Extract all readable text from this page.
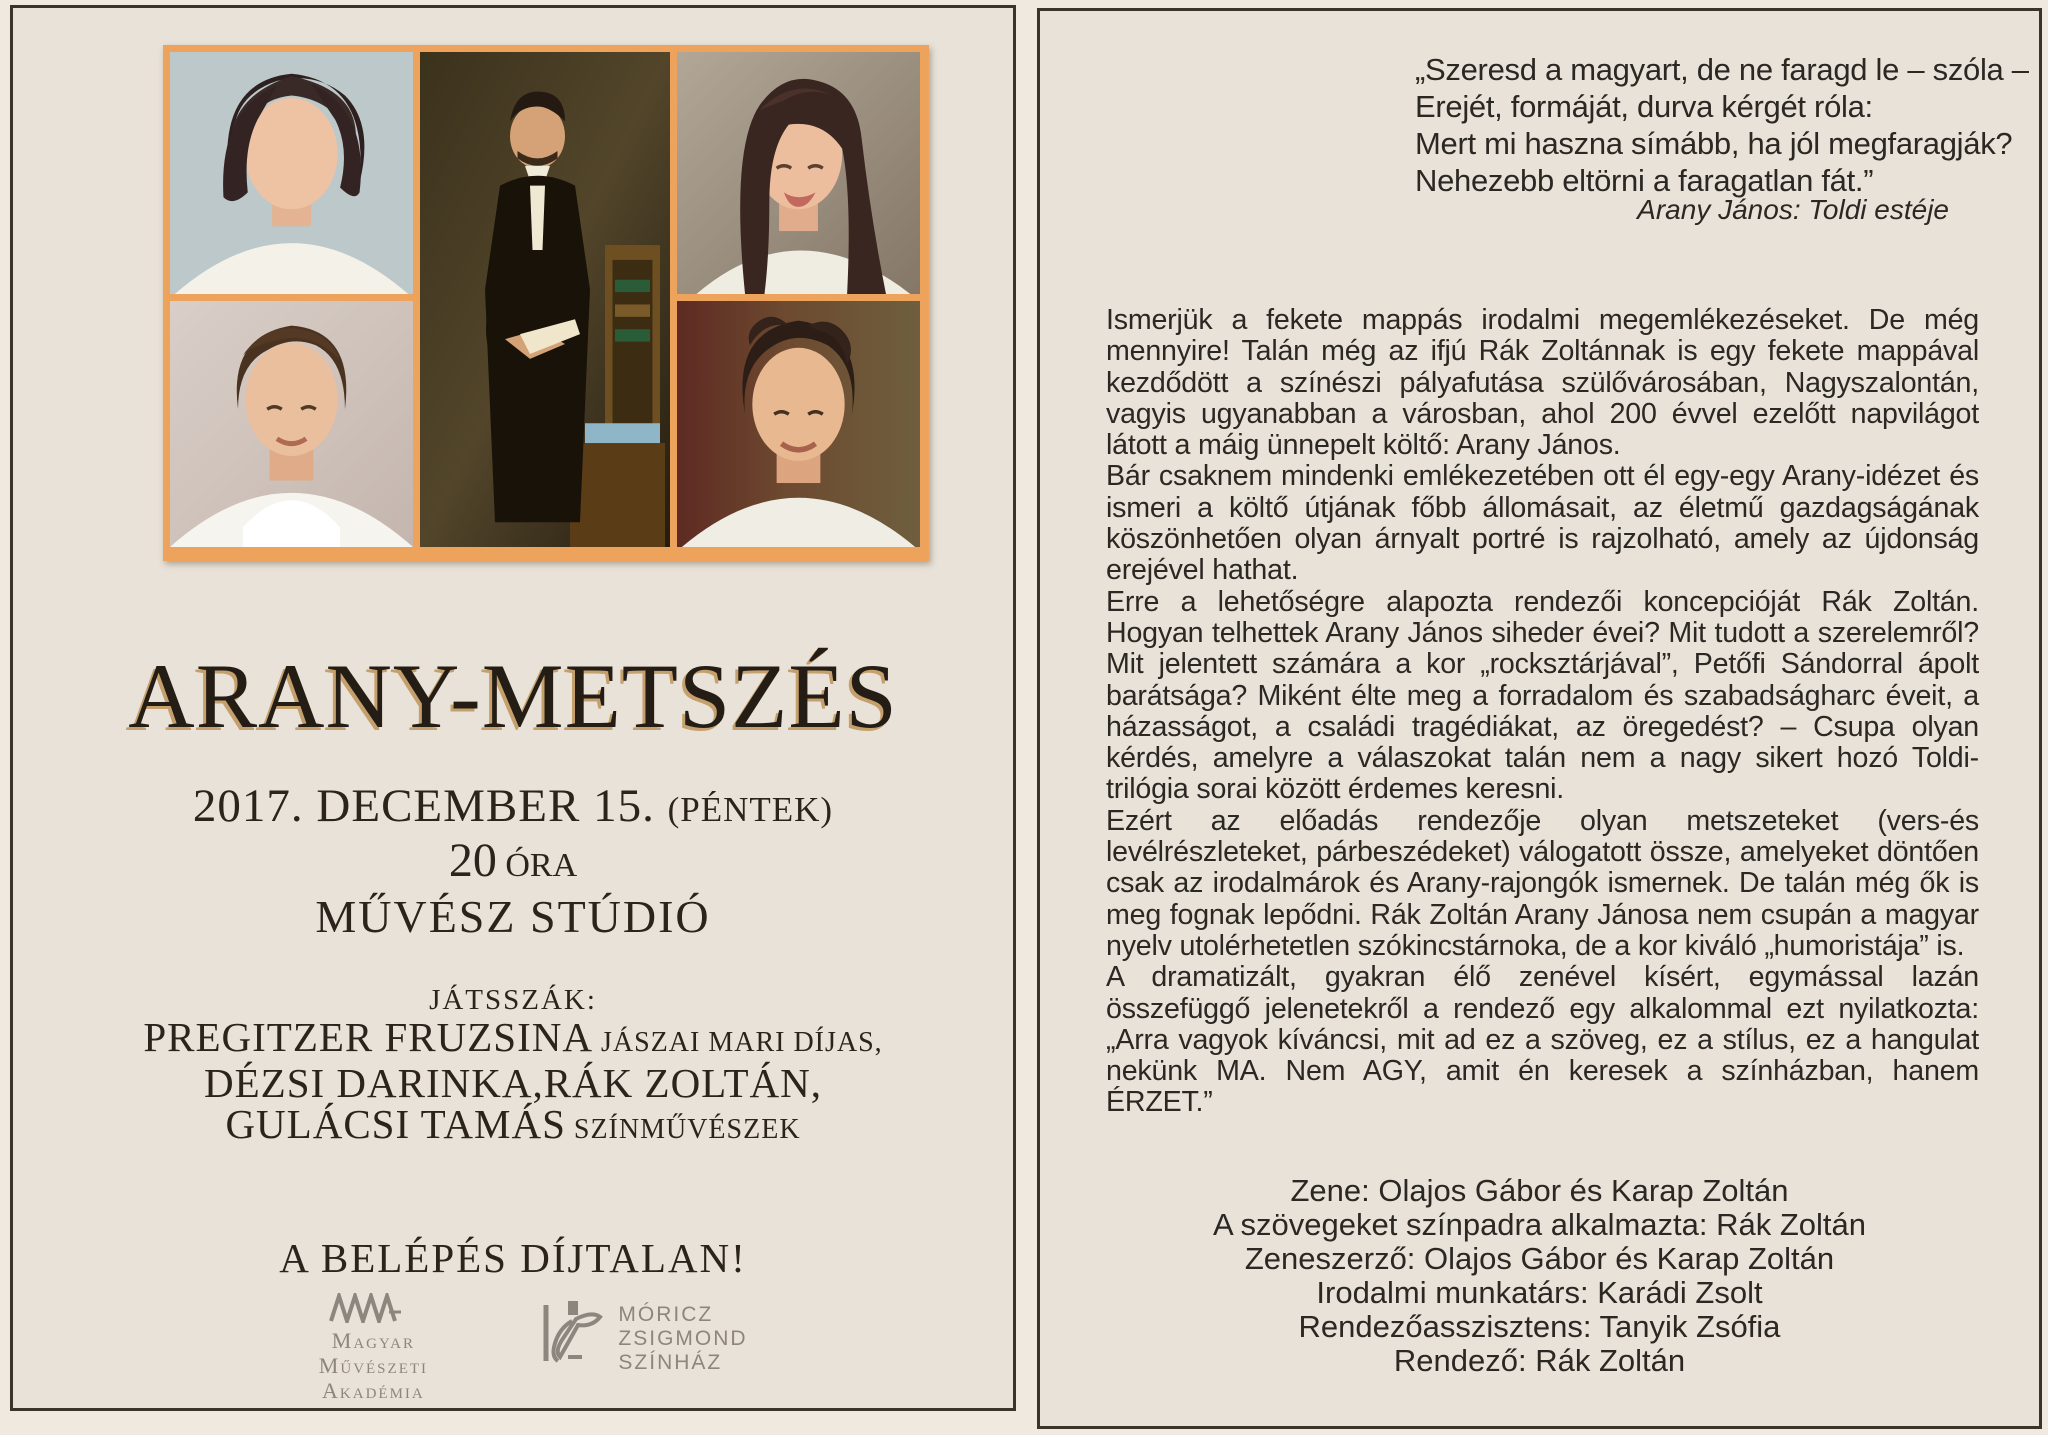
ARANY-METSZÉS
2017. DECEMBER 15. (PÉNTEK)
20 ÓRA
MŰVÉSZ STÚDIÓ
JÁTSSZÁK:
PREGITZER FRUZSINA JÁSZAI MARI DÍJAS,
DÉZSI DARINKA,RÁK ZOLTÁN,
GULÁCSI TAMÁS SZÍNMŰVÉSZEK
A BELÉPÉS DÍJTALAN!
Magyar
Művészeti
Akadémia
MÓRICZ
ZSIGMOND
SZÍNHÁZ
„Szeresd a magyart, de ne faragd le – szóla –
Erejét, formáját, durva kérgét róla:
Mert mi haszna símább, ha jól megfaragják?
Nehezebb eltörni a faragatlan fát.”
Arany János: Toldi estéje

Ismerjük a fekete mappás irodalmi megemlékezéseket. De még mennyire! Talán még az ifjú Rák Zoltánnak is egy fekete mappával kezdődött a színészi pályafutása szülővárosában, Nagyszalontán, vagyis ugyanabban a városban, ahol 200 évvel ezelőtt napvilágot látott a máig ünnepelt költő: Arany János.

Bár csaknem mindenki emlékezetében ott él egy-egy Arany-idézet és ismeri a költő útjának főbb állomásait, az életmű gazdagságának köszönhetően olyan árnyalt portré is rajzolható, amely az újdonság erejével hathat.

Erre a lehetőségre alapozta rendezői koncepcióját Rák Zoltán. Hogyan telhettek Arany János siheder évei? Mit tudott a szerelemről? Mit jelentett számára a kor „rocksztárjával”, Petőfi Sándorral ápolt barátsága? Miként élte meg a forradalom és szabadságharc éveit, a házasságot, a családi tragédiákat, az öregedést? – Csupa olyan kérdés, amelyre a válaszokat talán nem a nagy sikert hozó Toldi-trilógia sorai között érdemes keresni.

Ezért az előadás rendezője olyan metszeteket (vers-és levélrészleteket, párbeszédeket) válogatott össze, amelyeket döntően csak az irodalmárok és Arany-rajongók ismernek. De talán még ők is meg fognak lepődni. Rák Zoltán Arany Jánosa nem csupán a magyar nyelv utolérhetetlen szókincstárnoka, de a kor kiváló „humoristája” is.

A dramatizált, gyakran élő zenével kísért, egymással lazán összefüggő jelenetekről a rendező egy alkalommal ezt nyilatkozta: „Arra vagyok kíváncsi, mit ad ez a szöveg, ez a stílus, ez a hangulat nekünk MA. Nem AGY, amit én keresek a színházban, hanem ÉRZET.”

Zene: Olajos Gábor és Karap Zoltán
A szövegeket színpadra alkalmazta: Rák Zoltán
Zeneszerző: Olajos Gábor és Karap Zoltán
Irodalmi munkatárs: Karádi Zsolt
Rendezőasszisztens: Tanyik Zsófia
Rendező: Rák Zoltán
